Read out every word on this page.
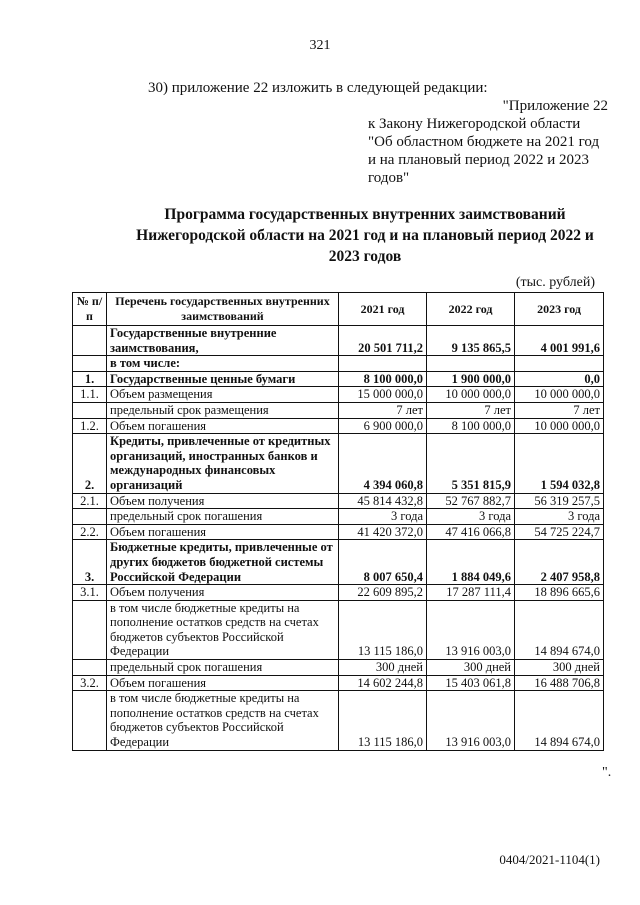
321
30) приложение 22 изложить в следующей редакции:
"Приложение 22
к Закону Нижегородской области
"Об областном бюджете на 2021 год
и на плановый период 2022 и 2023
годов"
Программа государственных внутренних заимствований
Нижегородской области на 2021 год и на плановый период 2022 и
2023 годов
(тыс. рублей)
№ п/п	Перечень государственных внутренних заимствований	2021 год	2022 год	2023 год
	Государственные внутренние заимствования,	20 501 711,2	9 135 865,5	4 001 991,6
	в том числе:			
1.	Государственные ценные бумаги	8 100 000,0	1 900 000,0	0,0
1.1.	Объем размещения	15 000 000,0	10 000 000,0	10 000 000,0
	предельный срок размещения	7 лет	7 лет	7 лет
1.2.	Объем погашения	6 900 000,0	8 100 000,0	10 000 000,0
2.	Кредиты, привлеченные от кредитных организаций, иностранных банков и международных финансовых организаций	4 394 060,8	5 351 815,9	1 594 032,8
2.1.	Объем получения	45 814 432,8	52 767 882,7	56 319 257,5
	предельный срок погашения	3 года	3 года	3 года
2.2.	Объем погашения	41 420 372,0	47 416 066,8	54 725 224,7
3.	Бюджетные кредиты, привлеченные от других бюджетов бюджетной системы Российской Федерации	8 007 650,4	1 884 049,6	2 407 958,8
3.1.	Объем получения	22 609 895,2	17 287 111,4	18 896 665,6
	в том числе бюджетные кредиты на пополнение остатков средств на счетах бюджетов субъектов Российской Федерации	13 115 186,0	13 916 003,0	14 894 674,0
	предельный срок погашения	300 дней	300 дней	300 дней
3.2.	Объем погашения	14 602 244,8	15 403 061,8	16 488 706,8
	в том числе бюджетные кредиты на пополнение остатков средств на счетах бюджетов субъектов Российской Федерации	13 115 186,0	13 916 003,0	14 894 674,0
".
0404/2021-1104(1)
